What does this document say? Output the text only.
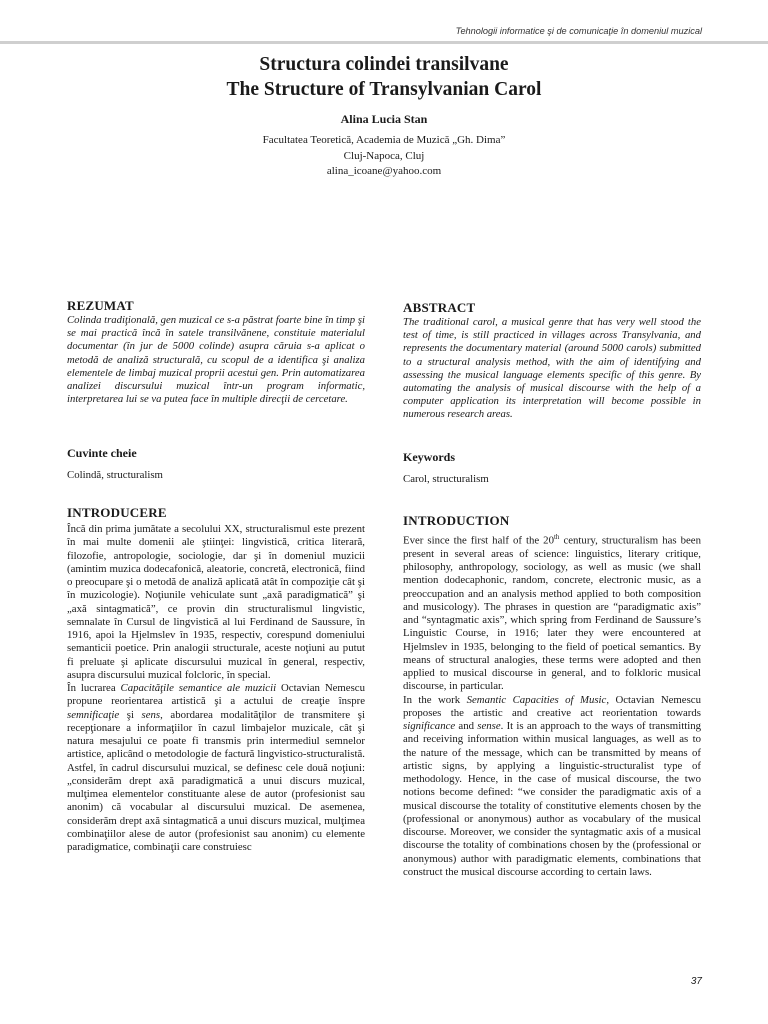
Tehnologii informatice şi de comunicaţie în domeniul muzical
Structura colindei transilvane
The Structure of Transylvanian Carol
Alina Lucia Stan
Facultatea Teoretică, Academia de Muzică „Gh. Dima”
Cluj-Napoca, Cluj
alina_icoane@yahoo.com
REZUMAT

Colinda tradiţională, gen muzical ce s-a păstrat foarte bine în timp şi se mai practică încă în satele transilvănene, constituie materialul documentar (în jur de 5000 colinde) asupra căruia s-a aplicat o metodă de analiză structurală, cu scopul de a identifica şi analiza elementele de limbaj muzical proprii acestui gen. Prin automatizarea analizei discursului muzical într-un program informatic, interpretarea lui se va putea face în multiple direcţii de cercetare.

Cuvinte cheie

Colindă, structuralism

INTRODUCERE

Încă din prima jumătate a secolului XX, structuralismul este prezent în mai multe domenii ale ştiinţei: lingvistică, critica literară, filozofie, antropologie, sociologie, dar şi în domeniul muzicii (amintim muzica dodecafonică, aleatorie, concretă, electronică, fiind o preocupare şi o metodă de analiză aplicată atât în compoziţie cât şi în muzicologie). Noţiunile vehiculate sunt „axă paradigmatică” şi „axă sintagmatică”, ce provin din structuralismul lingvistic, semnalate în Cursul de lingvistică al lui Ferdinand de Saussure, în 1916, apoi la Hjelmslev în 1935, respectiv, corespund domeniului semanticii poetice. Prin analogii structurale, aceste noţiuni au putut fi preluate şi aplicate discursului muzical în general, respectiv, asupra discursului muzical folcloric, în special.

În lucrarea Capacităţile semantice ale muzicii Octavian Nemescu propune reorientarea artistică şi a actului de creaţie înspre semnificaţie şi sens, abordarea modalităţilor de transmitere şi recepţionare a informaţiilor în cazul limbajelor muzicale, cât şi natura mesajului ce poate fi transmis prin intermediul semnelor artistice, aplicând o metodologie de factură lingvistico-structuralistă. Astfel, în cadrul discursului muzical, se definesc cele două noţiuni: „considerăm drept axă paradigmatică a unui discurs muzical, mulţimea elementelor constituante alese de autor (profesionist sau anonim) că vocabular al discursului muzical. De asemenea, considerăm drept axă sintagmatică a unui discurs muzical, mulţimea combinaţiilor alese de autor (profesionist sau anonim) cu elemente paradigmatice, combinaţii care construiesc

ABSTRACT

The traditional carol, a musical genre that has very well stood the test of time, is still practiced in villages across Transylvania, and represents the documentary material (around 5000 carols) submitted to a structural analysis method, with the aim of identifying and assessing the musical language elements specific of this genre. By automating the analysis of musical discourse with the help of a computer application its interpretation will become possible in numerous research areas.

Keywords

Carol, structuralism

INTRODUCTION

Ever since the first half of the 20th century, structuralism has been present in several areas of science: linguistics, literary critique, philosophy, anthropology, sociology, as well as music (we shall mention dodecaphonic, random, concrete, electronic music, as a preoccupation and an analysis method applied to both composition and musicology). The phrases in question are “paradigmatic axis” and “syntagmatic axis”, which spring from Ferdinand de Saussure’s Linguistic Course, in 1916; later they were encountered at Hjelmslev in 1935, belonging to the field of poetical semantics. By means of structural analogies, these terms were adopted and then applied to musical discourse in general, and to folkloric musical discourse, in particular.

In the work Semantic Capacities of Music, Octavian Nemescu proposes the artistic and creative act reorientation towards significance and sense. It is an approach to the ways of transmitting and receiving information within musical languages, as well as to the nature of the message, which can be transmitted by means of artistic signs, by applying a linguistic-structuralist type of methodology. Hence, in the case of musical discourse, the two notions become defined: “we consider the paradigmatic axis of a musical discourse the totality of constitutive elements chosen by the (professional or anonymous) author as vocabulary of the musical discourse. Moreover, we consider the syntagmatic axis of a musical discourse the totality of combinations chosen by the (professional or anonymous) author with paradigmatic elements, combinations that construct the musical discourse according to certain laws.

37
